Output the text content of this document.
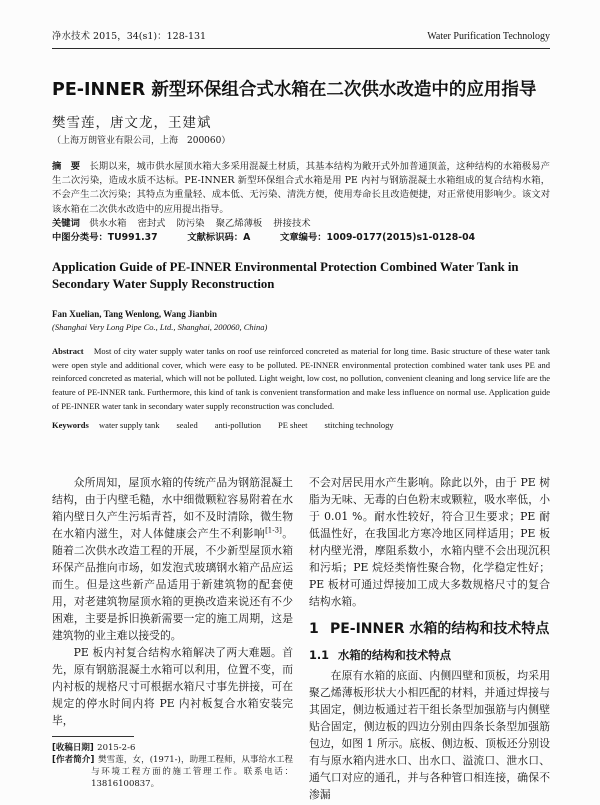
净水技术 2015，34(s1)：128-131	Water Purification Technology
PE-INNER 新型环保组合式水箱在二次供水改造中的应用指导
樊雪莲，唐文龙，王建斌
（上海万朗管业有限公司，上海　200060）

摘　要 长期以来，城市供水屋顶水箱大多采用混凝土材质，其基本结构为敞开式外加普通顶盖，这种结构的水箱极易产生二次污染，造成水质不达标。PE-INNER 新型环保组合式水箱是用 PE 内衬与钢筋混凝土水箱组成的复合结构水箱，不会产生二次污染；其特点为重量轻、成本低、无污染、清洗方便，使用寿命长且改造便捷，对正常使用影响少。该文对该水箱在二次供水改造中的应用提出指导。

关键词 供水水箱 密封式 防污染 聚乙烯薄板 拼接技术

中图分类号：TU991.37	文献标识码：A	文章编号：1009-0177(2015)s1-0128-04

Application Guide of PE-INNER Environmental Protection Combined Water Tank in Secondary Water Supply Reconstruction
Fan Xuelian, Tang Wenlong, Wang Jianbin
(Shanghai Very Long Pipe Co., Ltd., Shanghai, 200060, China)

Abstract Most of city water supply water tanks on roof use reinforced concreted as material for long time. Basic structure of these water tank were open style and additional cover, which were easy to be polluted. PE-INNER environmental protection combined water tank uses PE and reinforced concreted as material, which will not be polluted. Light weight, low cost, no pollution, convenient cleaning and long service life are the feature of PE-INNER tank. Furthermore, this kind of tank is convenient transformation and make less influence on normal use. Application guide of PE-INNER water tank in secondary water supply reconstruction was concluded.

Keywords water supply tank sealed anti-pollution PE sheet stitching technology

众所周知，屋顶水箱的传统产品为钢筋混凝土结构，由于内壁毛糙，水中细微颗粒容易附着在水箱内壁日久产生污垢青苔，如不及时清除，微生物在水箱内滋生，对人体健康会产生不利影响[1-3]。随着二次供水改造工程的开展，不少新型屋顶水箱环保产品推向市场，如发泡式玻璃钢水箱产品应运而生。但是这些新产品适用于新建筑物的配套使用，对老建筑物屋顶水箱的更换改造来说还有不少困难，主要是拆旧换新需要一定的施工周期，这是建筑物的业主难以接受的。

PE 板内衬复合结构水箱解决了两大难题。首先，原有钢筋混凝土水箱可以利用，位置不变，而内衬板的规格尺寸可根据水箱尺寸事先拼接，可在规定的停水时间内将 PE 内衬板复合水箱安装完毕，

不会对居民用水产生影响。除此以外，由于 PE 树脂为无味、无毒的白色粉末或颗粒，吸水率低，小于 0.01 %。耐水性较好，符合卫生要求；PE 耐低温性好，在我国北方寒冷地区同样适用；PE 板材内壁光滑，摩阻系数小，水箱内壁不会出现沉积和污垢；PE 烷烃类惰性聚合物，化学稳定性好；PE 板材可通过焊接加工成大多数规格尺寸的复合结构水箱。

1 PE-INNER 水箱的结构和技术特点
1.1 水箱的结构和技术特点

在原有水箱的底面、内侧四壁和顶板，均采用聚乙烯薄板形状大小相匹配的材料，并通过焊接与其固定，侧边板通过若干组长条型加强筋与内侧壁贴合固定，侧边板的四边分别由四条长条型加强筋包边，如图 1 所示。底板、侧边板、顶板还分别设有与原水箱内进水口、出水口、溢流口、泄水口、通气口对应的通孔，并与各种管口相连接，确保不渗漏

[收稿日期] 2015-2-6

[作者简介] 樊雪莲，女，(1971-)，助理工程师，从事给水工程与环境工程方面的施工管理工作。联系电话：13816100837。
